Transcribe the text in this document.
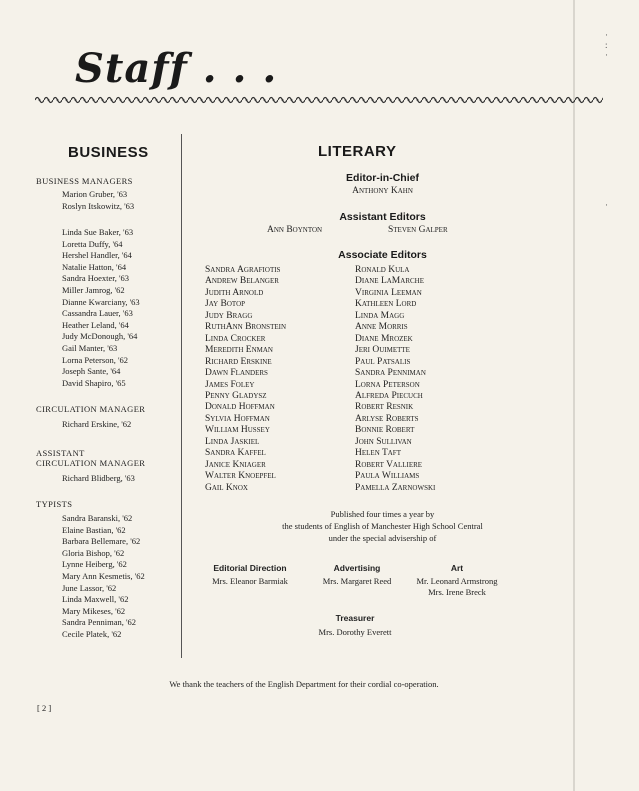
·
:
·
·
Staff . . .
BUSINESS
BUSINESS MANAGERS
Marion Gruber, '63
Roslyn Itskowitz, '63
Linda Sue Baker, '63
Loretta Duffy, '64
Hershel Handler, '64
Natalie Hatton, '64
Sandra Hoexter, '63
Miller Jamrog, '62
Dianne Kwarciany, '63
Cassandra Lauer, '63
Heather Leland, '64
Judy McDonough, '64
Gail Manter, '63
Lorna Peterson, '62
Joseph Sante, '64
David Shapiro, '65
CIRCULATION MANAGER
Richard Erskine, '62
ASSISTANT
CIRCULATION MANAGER
Richard Blidberg, '63
TYPISTS
Sandra Baranski, '62
Elaine Bastian, '62
Barbara Bellemare, '62
Gloria Bishop, '62
Lynne Heiberg, '62
Mary Ann Kesmetis, '62
June Lassor, '62
Linda Maxwell, '62
Mary Mikeses, '62
Sandra Penniman, '62
Cecile Platek, '62
LITERARY
Editor-in-Chief
Anthony Kahn
Assistant Editors
Ann Boynton	Steven Galper
Associate Editors
Sandra Agrafiotis
Andrew Belanger
Judith Arnold
Jay Botop
Judy Bragg
RuthAnn Bronstein
Linda Crocker
Meredith Enman
Richard Erskine
Dawn Flanders
James Foley
Penny Gladysz
Donald Hoffman
Sylvia Hoffman
William Hussey
Linda Jaskiel
Sandra Kaffel
Janice Kniager
Walter Knoepfel
Gail Knox
Ronald Kula
Diane LaMarche
Virginia Leeman
Kathleen Lord
Linda Magg
Anne Morris
Diane Mrozek
Jeri Ouimette
Paul Patsalis
Sandra Penniman
Lorna Peterson
Alfreda Piecuch
Robert Resnik
Arlyse Roberts
Bonnie Robert
John Sullivan
Helen Taft
Robert Valliere
Paula Williams
Pamella Zarnowski
Published four times a year by
the students of English of Manchester High School Central
under the special advisership of
Editorial Direction
Mrs. Eleanor Barmiak
Advertising
Mrs. Margaret Reed
Art
Mr. Leonard Armstrong
Mrs. Irene Breck
Treasurer
Mrs. Dorothy Everett
We thank the teachers of the English Department for their cordial co-operation.
[ 2 ]
